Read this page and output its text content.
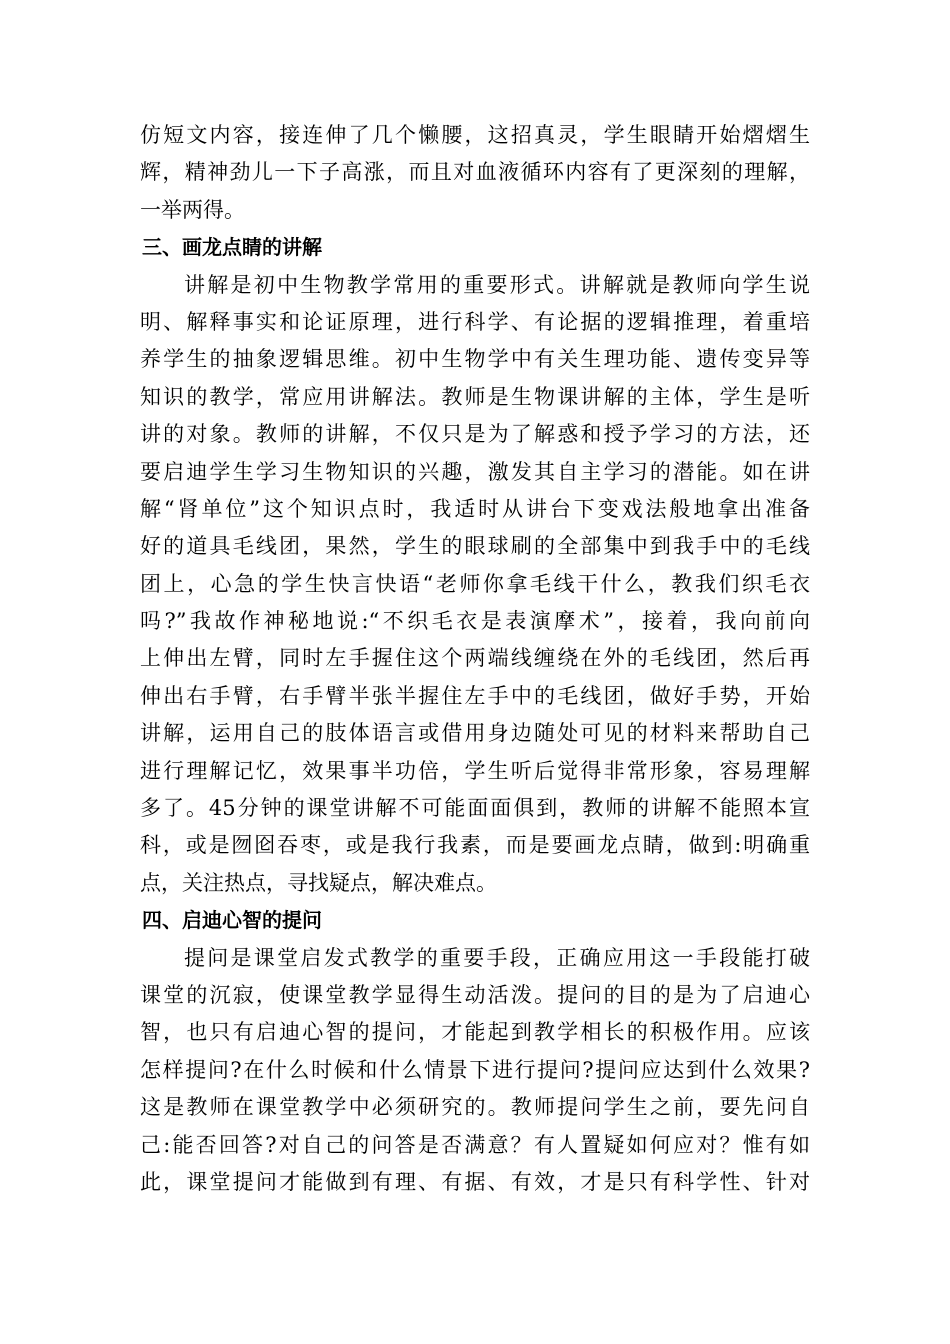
仿短文内容，接连伸了几个懒腰，这招真灵，学生眼睛开始熠熠生
辉，精神劲儿一下子高涨，而且对血液循环内容有了更深刻的理解，
一举两得。
三、画龙点睛的讲解
讲解是初中生物教学常用的重要形式。讲解就是教师向学生说
明、解释事实和论证原理，进行科学、有论据的逻辑推理，着重培
养学生的抽象逻辑思维。初中生物学中有关生理功能、遗传变异等
知识的教学，常应用讲解法。教师是生物课讲解的主体，学生是听
讲的对象。教师的讲解，不仅只是为了解惑和授予学习的方法，还
要启迪学生学习生物知识的兴趣，激发其自主学习的潜能。如在讲
解“肾单位”这个知识点时，我适时从讲台下变戏法般地拿出准备
好的道具毛线团，果然，学生的眼球刷的全部集中到我手中的毛线
团上，心急的学生快言快语“老师你拿毛线干什么，教我们织毛衣
吗?”我故作神秘地说:“不织毛衣是表演摩术”，接着，我向前向
上伸出左臂，同时左手握住这个两端线缠绕在外的毛线团，然后再
伸出右手臂，右手臂半张半握住左手中的毛线团，做好手势，开始
讲解，运用自己的肢体语言或借用身边随处可见的材料来帮助自己
进行理解记忆，效果事半功倍，学生听后觉得非常形象，容易理解
多了。45分钟的课堂讲解不可能面面俱到，教师的讲解不能照本宣
科，或是囫囵吞枣，或是我行我素，而是要画龙点睛，做到:明确重
点，关注热点，寻找疑点，解决难点。
四、启迪心智的提问
提问是课堂启发式教学的重要手段，正确应用这一手段能打破
课堂的沉寂，使课堂教学显得生动活泼。提问的目的是为了启迪心
智，也只有启迪心智的提问，才能起到教学相长的积极作用。应该
怎样提问?在什么时候和什么情景下进行提问?提问应达到什么效果?
这是教师在课堂教学中必须研究的。教师提问学生之前，要先问自
己:能否回答?对自己的问答是否满意？有人置疑如何应对？惟有如
此，课堂提问才能做到有理、有据、有效，才是只有科学性、针对
